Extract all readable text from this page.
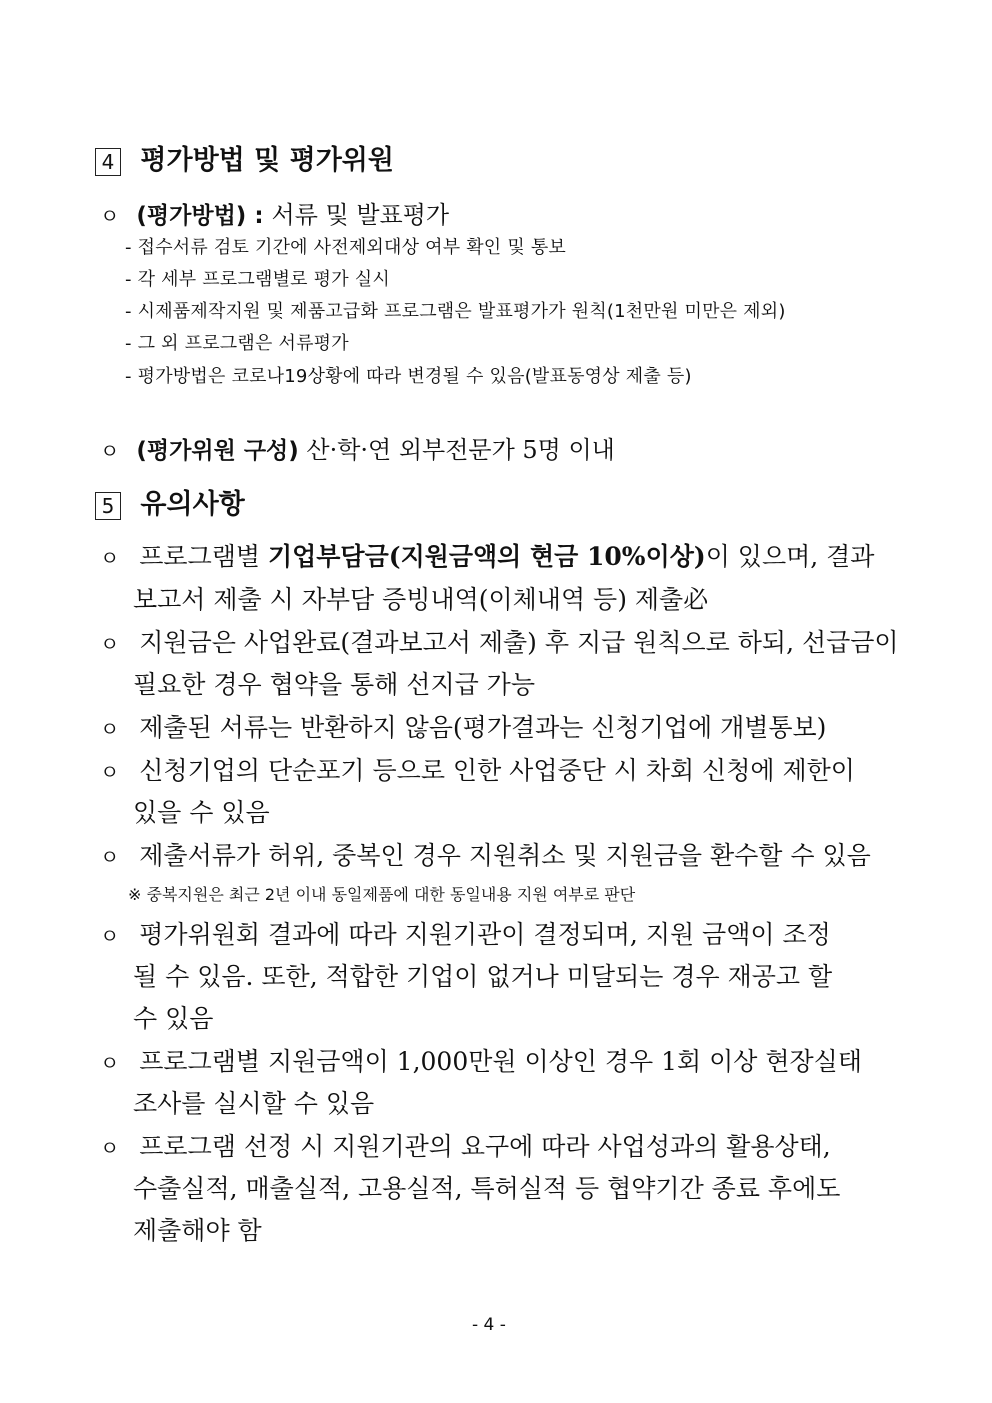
4 평가방법 및 평가위원
ㅇ (평가방법) : 서류 및 발표평가
- 접수서류 검토 기간에 사전제외대상 여부 확인 및 통보
- 각 세부 프로그램별로 평가 실시
- 시제품제작지원 및 제품고급화 프로그램은 발표평가가 원칙(1천만원 미만은 제외)
- 그 외 프로그램은 서류평가
- 평가방법은 코로나19상황에 따라 변경될 수 있음(발표동영상 제출 등)
ㅇ (평가위원 구성) 산·학·연 외부전문가 5명 이내
5 유의사항
ㅇ 프로그램별 기업부담금(지원금액의 현금 10%이상)이 있으며, 결과
보고서 제출 시 자부담 증빙내역(이체내역 등) 제출必
ㅇ 지원금은 사업완료(결과보고서 제출) 후 지급 원칙으로 하되, 선급금이
필요한 경우 협약을 통해 선지급 가능
ㅇ 제출된 서류는 반환하지 않음(평가결과는 신청기업에 개별통보)
ㅇ 신청기업의 단순포기 등으로 인한 사업중단 시 차회 신청에 제한이
있을 수 있음
ㅇ 제출서류가 허위, 중복인 경우 지원취소 및 지원금을 환수할 수 있음
※ 중복지원은 최근 2년 이내 동일제품에 대한 동일내용 지원 여부로 판단
ㅇ 평가위원회 결과에 따라 지원기관이 결정되며, 지원 금액이 조정
될 수 있음. 또한, 적합한 기업이 없거나 미달되는 경우 재공고 할
수 있음
ㅇ 프로그램별 지원금액이 1,000만원 이상인 경우 1회 이상 현장실태
조사를 실시할 수 있음
ㅇ 프로그램 선정 시 지원기관의 요구에 따라 사업성과의 활용상태,
수출실적, 매출실적, 고용실적, 특허실적 등 협약기간 종료 후에도
제출해야 함
- 4 -
